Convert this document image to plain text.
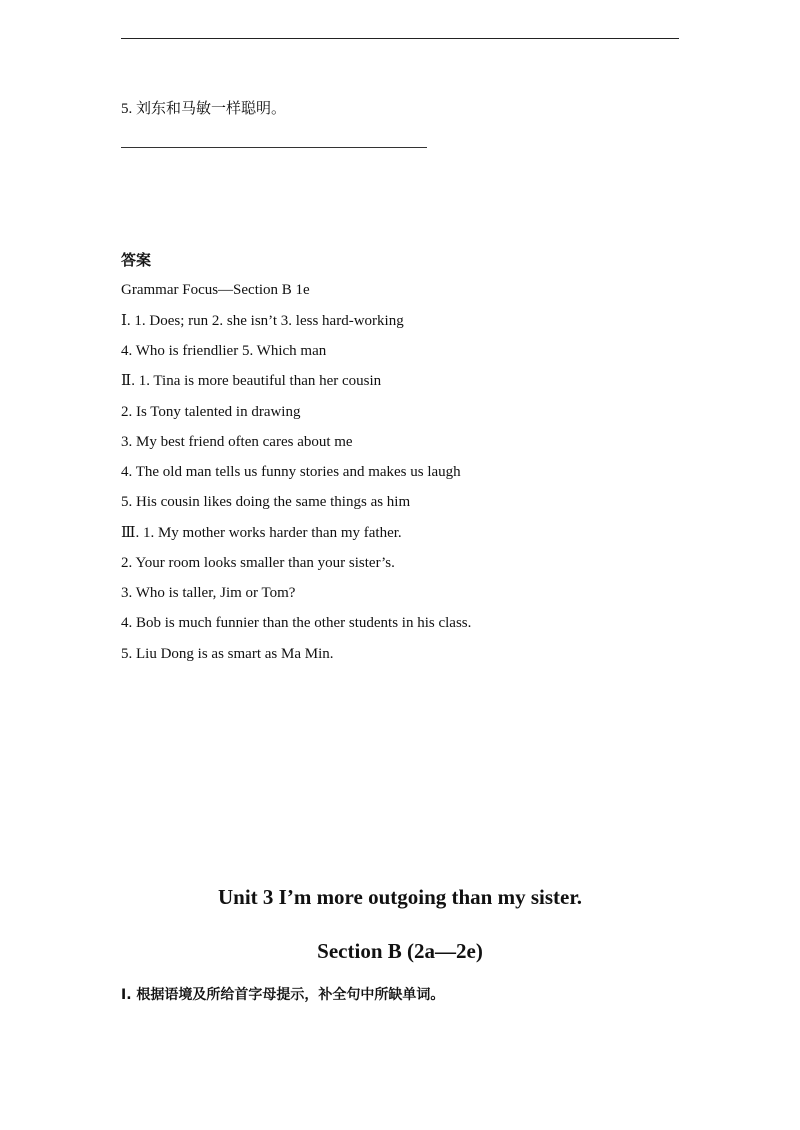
5. 刘东和马敏一样聪明。
答案
Grammar Focus—Section B 1e
Ⅰ. 1. Does; run 2. she isn’t 3. less hard-working
4. Who is friendlier 5. Which man
Ⅱ. 1. Tina is more beautiful than her cousin
2. Is Tony talented in drawing
3. My best friend often cares about me
4. The old man tells us funny stories and makes us laugh
5. His cousin likes doing the same things as him
Ⅲ. 1. My mother works harder than my father.
2. Your room looks smaller than your sister’s.
3. Who is taller, Jim or Tom?
4. Bob is much funnier than the other students in his class.
5. Liu Dong is as smart as Ma Min.
Unit 3 I’m more outgoing than my sister.
Section B (2a—2e)
Ⅰ. 根据语境及所给首字母提示，补全句中所缺单词。
